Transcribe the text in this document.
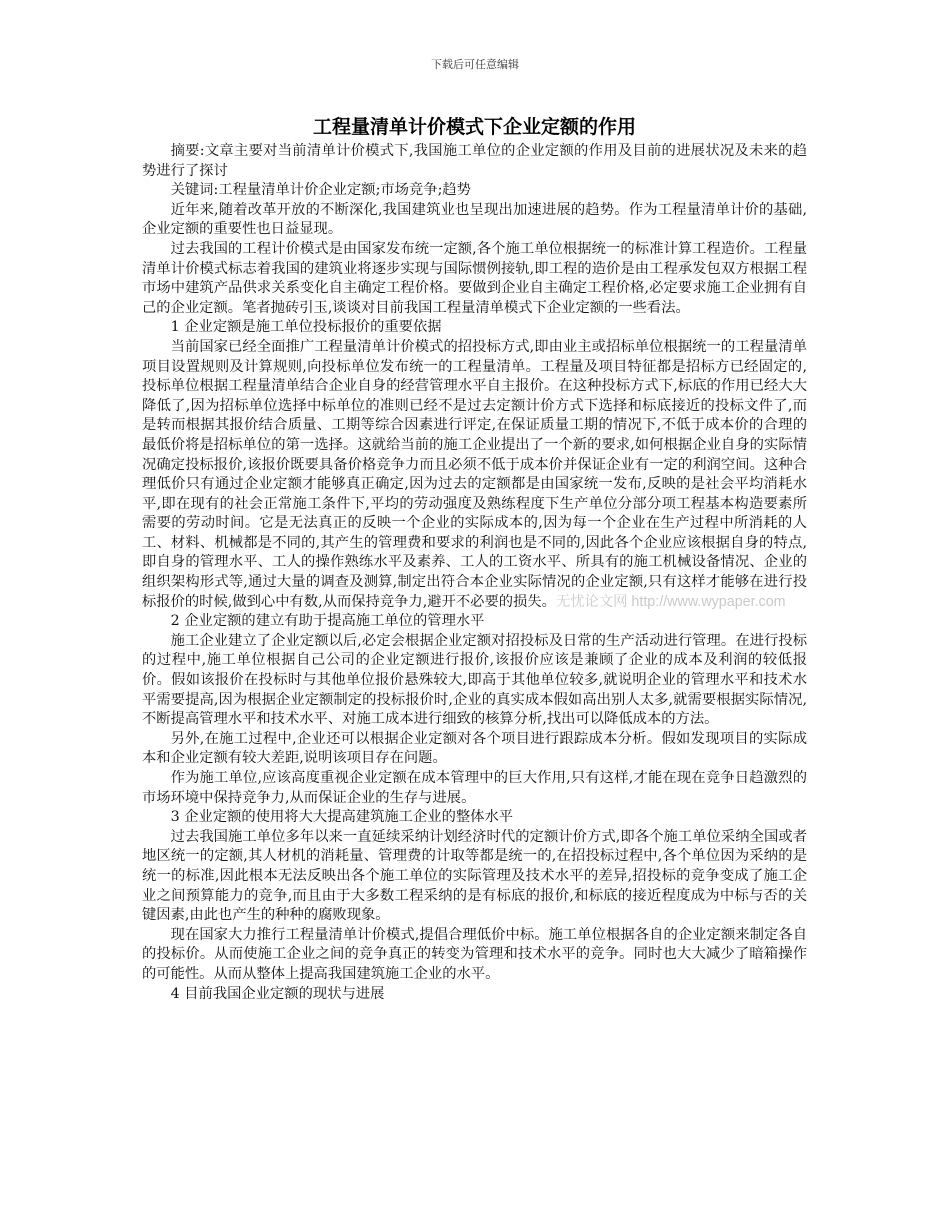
下载后可任意编辑
工程量清单计价模式下企业定额的作用

摘要:文章主要对当前清单计价模式下,我国施工单位的企业定额的作用及目前的进展状况及未来的趋势进行了探讨

关键词:工程量清单计价企业定额;市场竞争;趋势

近年来,随着改革开放的不断深化,我国建筑业也呈现出加速进展的趋势。作为工程量清单计价的基础,企业定额的重要性也日益显现。

过去我国的工程计价模式是由国家发布统一定额,各个施工单位根据统一的标准计算工程造价。工程量清单计价模式标志着我国的建筑业将逐步实现与国际惯例接轨,即工程的造价是由工程承发包双方根据工程市场中建筑产品供求关系变化自主确定工程价格。要做到企业自主确定工程价格,必定要求施工企业拥有自己的企业定额。笔者抛砖引玉,谈谈对目前我国工程量清单模式下企业定额的一些看法。

1 企业定额是施工单位投标报价的重要依据

当前国家已经全面推广工程量清单计价模式的招投标方式,即由业主或招标单位根据统一的工程量清单项目设置规则及计算规则,向投标单位发布统一的工程量清单。工程量及项目特征都是招标方已经固定的,投标单位根据工程量清单结合企业自身的经营管理水平自主报价。在这种投标方式下,标底的作用已经大大降低了,因为招标单位选择中标单位的准则已经不是过去定额计价方式下选择和标底接近的投标文件了,而是转而根据其报价结合质量、工期等综合因素进行评定,在保证质量工期的情况下,不低于成本价的合理的最低价将是招标单位的第一选择。这就给当前的施工企业提出了一个新的要求,如何根据企业自身的实际情况确定投标报价,该报价既要具备价格竞争力而且必须不低于成本价并保证企业有一定的利润空间。这种合理低价只有通过企业定额才能够真正确定,因为过去的定额都是由国家统一发布,反映的是社会平均消耗水平,即在现有的社会正常施工条件下,平均的劳动强度及熟练程度下生产单位分部分项工程基本构造要素所需要的劳动时间。它是无法真正的反映一个企业的实际成本的,因为每一个企业在生产过程中所消耗的人工、材料、机械都是不同的,其产生的管理费和要求的利润也是不同的,因此各个企业应该根据自身的特点,即自身的管理水平、工人的操作熟练水平及素养、工人的工资水平、所具有的施工机械设备情况、企业的组织架构形式等,通过大量的调查及测算,制定出符合本企业实际情况的企业定额,只有这样才能够在进行投标报价的时候,做到心中有数,从而保持竞争力,避开不必要的损失。无忧论文网 http://www.wypaper.com

2 企业定额的建立有助于提高施工单位的管理水平

施工企业建立了企业定额以后,必定会根据企业定额对招投标及日常的生产活动进行管理。在进行投标的过程中,施工单位根据自己公司的企业定额进行报价,该报价应该是兼顾了企业的成本及利润的较低报价。假如该报价在投标时与其他单位报价悬殊较大,即高于其他单位较多,就说明企业的管理水平和技术水平需要提高,因为根据企业定额制定的投标报价时,企业的真实成本假如高出别人太多,就需要根据实际情况,不断提高管理水平和技术水平、对施工成本进行细致的核算分析,找出可以降低成本的方法。

另外,在施工过程中,企业还可以根据企业定额对各个项目进行跟踪成本分析。假如发现项目的实际成本和企业定额有较大差距,说明该项目存在问题。

作为施工单位,应该高度重视企业定额在成本管理中的巨大作用,只有这样,才能在现在竞争日趋激烈的市场环境中保持竞争力,从而保证企业的生存与进展。

3 企业定额的使用将大大提高建筑施工企业的整体水平

过去我国施工单位多年以来一直延续采纳计划经济时代的定额计价方式,即各个施工单位采纳全国或者地区统一的定额,其人材机的消耗量、管理费的计取等都是统一的,在招投标过程中,各个单位因为采纳的是统一的标准,因此根本无法反映出各个施工单位的实际管理及技术水平的差异,招投标的竞争变成了施工企业之间预算能力的竞争,而且由于大多数工程采纳的是有标底的报价,和标底的接近程度成为中标与否的关键因素,由此也产生的种种的腐败现象。

现在国家大力推行工程量清单计价模式,提倡合理低价中标。施工单位根据各自的企业定额来制定各自的投标价。从而使施工企业之间的竞争真正的转变为管理和技术水平的竞争。同时也大大减少了暗箱操作的可能性。从而从整体上提高我国建筑施工企业的水平。

4 目前我国企业定额的现状与进展
